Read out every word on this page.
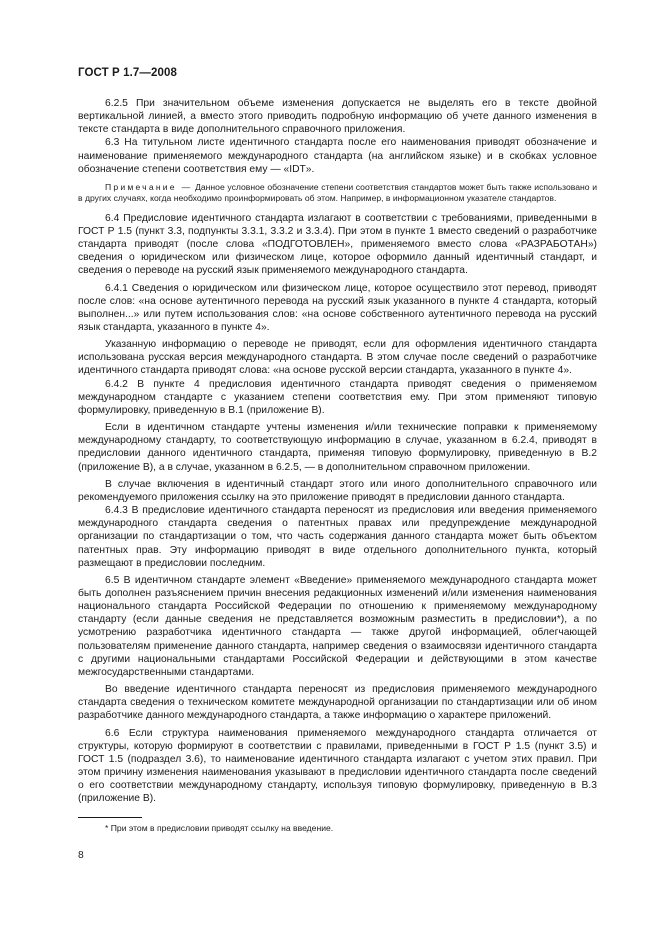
ГОСТ Р 1.7—2008

6.2.5 При значительном объеме изменения допускается не выделять его в тексте двойной вертикальной линией, а вместо этого приводить подробную информацию об учете данного изменения в тексте стандарта в виде дополнительного справочного приложения.

6.3 На титульном листе идентичного стандарта после его наименования приводят обозначение и наименование применяемого международного стандарта (на английском языке) и в скобках условное обозначение степени соответствия ему — «IDT».

Примечание — Данное условное обозначение степени соответствия стандартов может быть также использовано и в других случаях, когда необходимо проинформировать об этом. Например, в информационном указателе стандартов.

6.4 Предисловие идентичного стандарта излагают в соответствии с требованиями, приведенными в ГОСТ Р 1.5 (пункт 3.3, подпункты 3.3.1, 3.3.2 и 3.3.4). При этом в пункте 1 вместо сведений о разработчике стандарта приводят (после слова «ПОДГОТОВЛЕН», применяемого вместо слова «РАЗРАБОТАН») сведения о юридическом или физическом лице, которое оформило данный идентичный стандарт, и сведения о переводе на русский язык применяемого международного стандарта.

6.4.1 Сведения о юридическом или физическом лице, которое осуществило этот перевод, приводят после слов: «на основе аутентичного перевода на русский язык указанного в пункте 4 стандарта, который выполнен...» или путем использования слов: «на основе собственного аутентичного перевода на русский язык стандарта, указанного в пункте 4».

Указанную информацию о переводе не приводят, если для оформления идентичного стандарта использована русская версия международного стандарта. В этом случае после сведений о разработчике идентичного стандарта приводят слова: «на основе русской версии стандарта, указанного в пункте 4».

6.4.2 В пункте 4 предисловия идентичного стандарта приводят сведения о применяемом международном стандарте с указанием степени соответствия ему. При этом применяют типовую формулировку, приведенную в В.1 (приложение В).

Если в идентичном стандарте учтены изменения и/или технические поправки к применяемому международному стандарту, то соответствующую информацию в случае, указанном в 6.2.4, приводят в предисловии данного идентичного стандарта, применяя типовую формулировку, приведенную в В.2 (приложение В), а в случае, указанном в 6.2.5, — в дополнительном справочном приложении.

В случае включения в идентичный стандарт этого или иного дополнительного справочного или рекомендуемого приложения ссылку на это приложение приводят в предисловии данного стандарта.

6.4.3 В предисловие идентичного стандарта переносят из предисловия или введения применяемого международного стандарта сведения о патентных правах или предупреждение международной организации по стандартизации о том, что часть содержания данного стандарта может быть объектом патентных прав. Эту информацию приводят в виде отдельного дополнительного пункта, который размещают в предисловии последним.

6.5 В идентичном стандарте элемент «Введение» применяемого международного стандарта может быть дополнен разъяснением причин внесения редакционных изменений и/или изменения наименования национального стандарта Российской Федерации по отношению к применяемому международному стандарту (если данные сведения не представляется возможным разместить в предисловии*), а по усмотрению разработчика идентичного стандарта — также другой информацией, облегчающей пользователям применение данного стандарта, например сведения о взаимосвязи идентичного стандарта с другими национальными стандартами Российской Федерации и действующими в этом качестве межгосударственными стандартами.

Во введение идентичного стандарта переносят из предисловия применяемого международного стандарта сведения о техническом комитете международной организации по стандартизации или об ином разработчике данного международного стандарта, а также информацию о характере приложений.

6.6 Если структура наименования применяемого международного стандарта отличается от структуры, которую формируют в соответствии с правилами, приведенными в ГОСТ Р 1.5 (пункт 3.5) и ГОСТ 1.5 (подраздел 3.6), то наименование идентичного стандарта излагают с учетом этих правил. При этом причину изменения наименования указывают в предисловии идентичного стандарта после сведений о его соответствии международному стандарту, используя типовую формулировку, приведенную в В.3 (приложение В).

* При этом в предисловии приводят ссылку на введение.
8
